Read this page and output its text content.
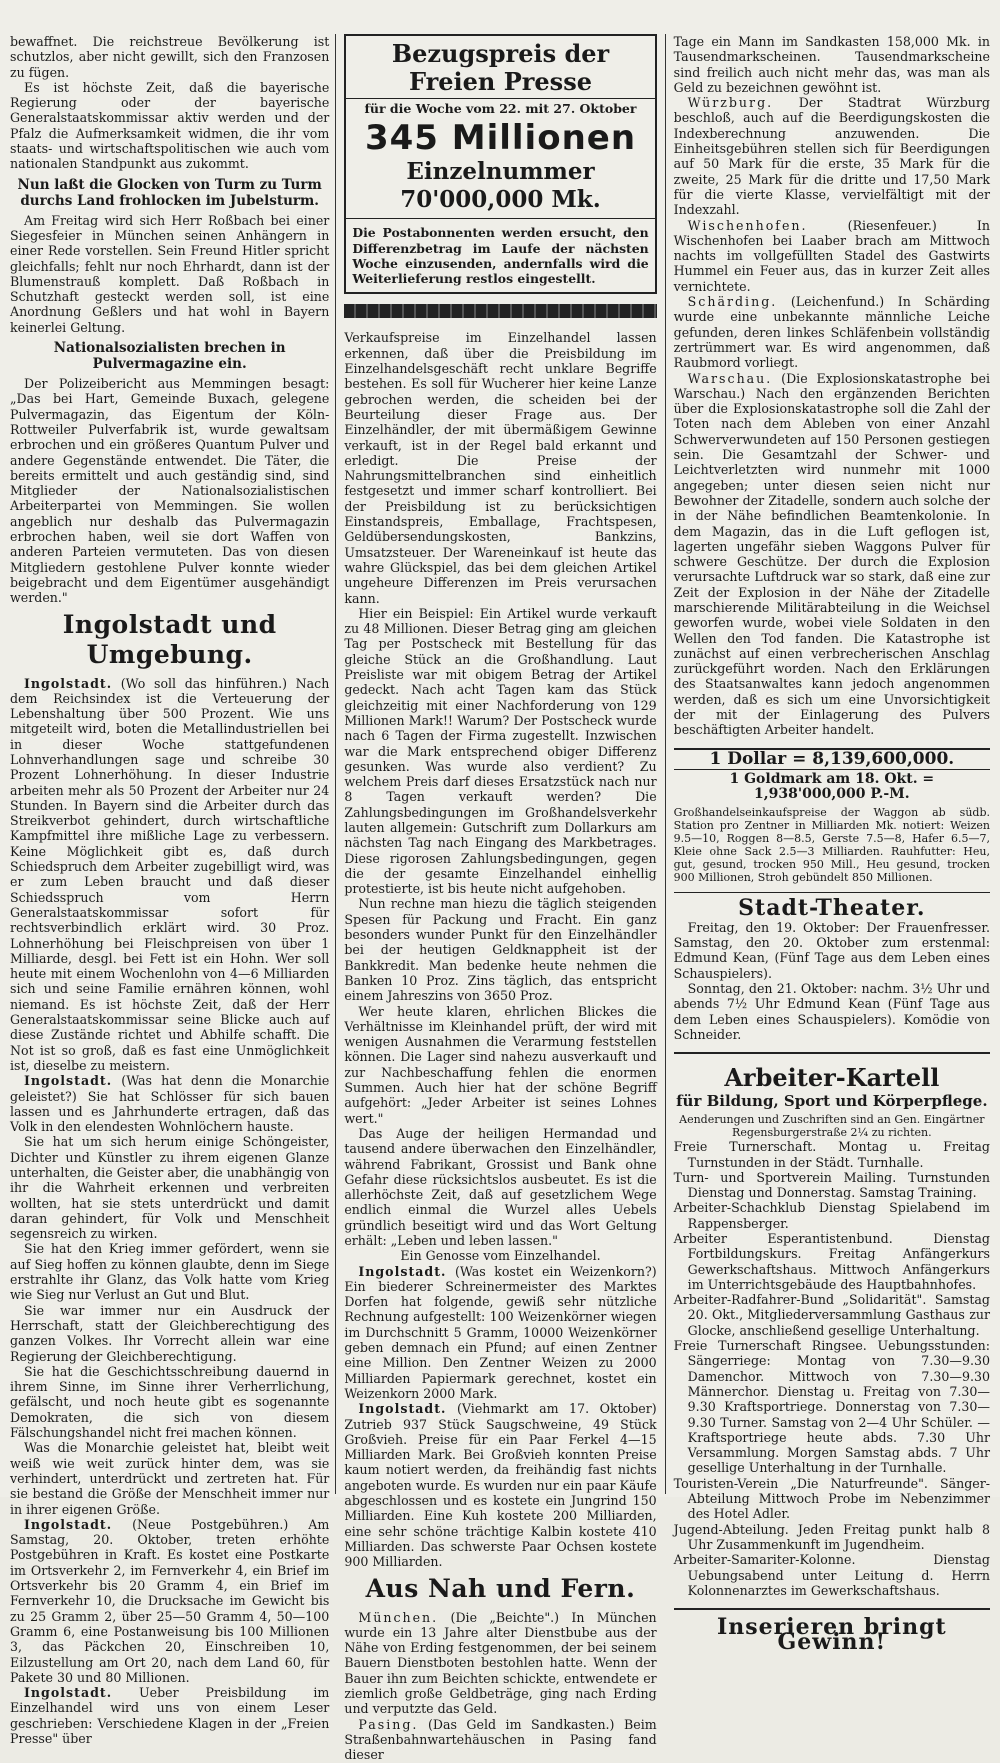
bewaffnet. Die reichstreue Bevölkerung ist schutzlos, aber nicht gewillt, sich den Franzosen zu fügen.

Es ist höchste Zeit, daß die bayerische Regierung oder der bayerische Generalstaatskommissar aktiv werden und der Pfalz die Aufmerksamkeit widmen, die ihr vom staats- und wirtschaftspolitischen wie auch vom nationalen Standpunkt aus zukommt.

Nun laßt die Glocken von Turm zu Turm durchs Land frohlocken im Jubelsturm.

Am Freitag wird sich Herr Roßbach bei einer Siegesfeier in München seinen Anhängern in einer Rede vorstellen. Sein Freund Hitler spricht gleichfalls; fehlt nur noch Ehrhardt, dann ist der Blumenstrauß komplett. Daß Roßbach in Schutzhaft gesteckt werden soll, ist eine Anordnung Geßlers und hat wohl in Bayern keinerlei Geltung.

Nationalsozialisten brechen in Pulvermagazine ein.

Der Polizeibericht aus Memmingen besagt: „Das bei Hart, Gemeinde Buxach, gelegene Pulvermagazin, das Eigentum der Köln-Rottweiler Pulverfabrik ist, wurde gewaltsam erbrochen und ein größeres Quantum Pulver und andere Gegenstände entwendet. Die Täter, die bereits ermittelt und auch geständig sind, sind Mitglieder der Nationalsozialistischen Arbeiterpartei von Memmingen. Sie wollen angeblich nur deshalb das Pulvermagazin erbrochen haben, weil sie dort Waffen von anderen Parteien vermuteten. Das von diesen Mitgliedern gestohlene Pulver konnte wieder beigebracht und dem Eigentümer ausgehändigt werden."

Ingolstadt und Umgebung.

Ingolstadt. (Wo soll das hinführen.) Nach dem Reichsindex ist die Verteuerung der Lebenshaltung über 500 Prozent. Wie uns mitgeteilt wird, boten die Metallindustriellen bei in dieser Woche stattgefundenen Lohnverhandlungen sage und schreibe 30 Prozent Lohnerhöhung. In dieser Industrie arbeiten mehr als 50 Prozent der Arbeiter nur 24 Stunden. In Bayern sind die Arbeiter durch das Streikverbot gehindert, durch wirtschaftliche Kampfmittel ihre mißliche Lage zu verbessern. Keine Möglichkeit gibt es, daß durch Schiedspruch dem Arbeiter zugebilligt wird, was er zum Leben braucht und daß dieser Schiedsspruch vom Herrn Generalstaatskommissar sofort für rechtsverbindlich erklärt wird. 30 Proz. Lohnerhöhung bei Fleischpreisen von über 1 Milliarde, desgl. bei Fett ist ein Hohn. Wer soll heute mit einem Wochenlohn von 4—6 Milliarden sich und seine Familie ernähren können, wohl niemand. Es ist höchste Zeit, daß der Herr Generalstaatskommissar seine Blicke auch auf diese Zustände richtet und Abhilfe schafft. Die Not ist so groß, daß es fast eine Unmöglichkeit ist, dieselbe zu meistern.

Ingolstadt. (Was hat denn die Monarchie geleistet?) Sie hat Schlösser für sich bauen lassen und es Jahrhunderte ertragen, daß das Volk in den elendesten Wohnlöchern hauste.

Sie hat um sich herum einige Schöngeister, Dichter und Künstler zu ihrem eigenen Glanze unterhalten, die Geister aber, die unabhängig von ihr die Wahrheit erkennen und verbreiten wollten, hat sie stets unterdrückt und damit daran gehindert, für Volk und Menschheit segensreich zu wirken.

Sie hat den Krieg immer gefördert, wenn sie auf Sieg hoffen zu können glaubte, denn im Siege erstrahlte ihr Glanz, das Volk hatte vom Krieg wie Sieg nur Verlust an Gut und Blut.

Sie war immer nur ein Ausdruck der Herrschaft, statt der Gleichberechtigung des ganzen Volkes. Ihr Vorrecht allein war eine Regierung der Gleichberechtigung.

Sie hat die Geschichtsschreibung dauernd in ihrem Sinne, im Sinne ihrer Verherrlichung, gefälscht, und noch heute gibt es sogenannte Demokraten, die sich von diesem Fälschungshandel nicht frei machen können.

Was die Monarchie geleistet hat, bleibt weit weiß wie weit zurück hinter dem, was sie verhindert, unterdrückt und zertreten hat. Für sie bestand die Größe der Menschheit immer nur in ihrer eigenen Größe.

Ingolstadt. (Neue Postgebühren.) Am Samstag, 20. Oktober, treten erhöhte Postgebühren in Kraft. Es kostet eine Postkarte im Ortsverkehr 2, im Fernverkehr 4, ein Brief im Ortsverkehr bis 20 Gramm 4, ein Brief im Fernverkehr 10, die Drucksache im Gewicht bis zu 25 Gramm 2, über 25—50 Gramm 4, 50—100 Gramm 6, eine Postanweisung bis 100 Millionen 3, das Päckchen 20, Einschreiben 10, Eilzustellung am Ort 20, nach dem Land 60, für Pakete 30 und 80 Millionen.

Ingolstadt. Ueber Preisbildung im Einzelhandel wird uns von einem Leser geschrieben: Verschiedene Klagen in der „Freien Presse" über

Bezugspreis der Freien Presse
für die Woche vom 22. mit 27. Oktober
345 Millionen
Einzelnummer 70'000,000 Mk.
Die Postabonnenten werden ersucht, den Differenzbetrag im Laufe der nächsten Woche einzusenden, andernfalls wird die Weiterlieferung restlos eingestellt.

Verkaufspreise im Einzelhandel lassen erkennen, daß über die Preisbildung im Einzelhandelsgeschäft recht unklare Begriffe bestehen. Es soll für Wucherer hier keine Lanze gebrochen werden, die scheiden bei der Beurteilung dieser Frage aus. Der Einzelhändler, der mit übermäßigem Gewinne verkauft, ist in der Regel bald erkannt und erledigt. Die Preise der Nahrungsmittelbranchen sind einheitlich festgesetzt und immer scharf kontrolliert. Bei der Preisbildung ist zu berücksichtigen Einstandspreis, Emballage, Frachtspesen, Geldübersendungskosten, Bankzins, Umsatzsteuer. Der Wareneinkauf ist heute das wahre Glückspiel, das bei dem gleichen Artikel ungeheure Differenzen im Preis verursachen kann.

Hier ein Beispiel: Ein Artikel wurde verkauft zu 48 Millionen. Dieser Betrag ging am gleichen Tag per Postscheck mit Bestellung für das gleiche Stück an die Großhandlung. Laut Preisliste war mit obigem Betrag der Artikel gedeckt. Nach acht Tagen kam das Stück gleichzeitig mit einer Nachforderung von 129 Millionen Mark!! Warum? Der Postscheck wurde nach 6 Tagen der Firma zugestellt. Inzwischen war die Mark entsprechend obiger Differenz gesunken. Was wurde also verdient? Zu welchem Preis darf dieses Ersatzstück nach nur 8 Tagen verkauft werden? Die Zahlungsbedingungen im Großhandelsverkehr lauten allgemein: Gutschrift zum Dollarkurs am nächsten Tag nach Eingang des Markbetrages. Diese rigorosen Zahlungsbedingungen, gegen die der gesamte Einzelhandel einhellig protestierte, ist bis heute nicht aufgehoben.

Nun rechne man hiezu die täglich steigenden Spesen für Packung und Fracht. Ein ganz besonders wunder Punkt für den Einzelhändler bei der heutigen Geldknappheit ist der Bankkredit. Man bedenke heute nehmen die Banken 10 Proz. Zins täglich, das entspricht einem Jahreszins von 3650 Proz.

Wer heute klaren, ehrlichen Blickes die Verhältnisse im Kleinhandel prüft, der wird mit wenigen Ausnahmen die Verarmung feststellen können. Die Lager sind nahezu ausverkauft und zur Nachbeschaffung fehlen die enormen Summen. Auch hier hat der schöne Begriff aufgehört: „Jeder Arbeiter ist seines Lohnes wert."

Das Auge der heiligen Hermandad und tausend andere überwachen den Einzelhändler, während Fabrikant, Grossist und Bank ohne Gefahr diese rücksichtslos ausbeutet. Es ist die allerhöchste Zeit, daß auf gesetzlichem Wege endlich einmal die Wurzel alles Uebels gründlich beseitigt wird und das Wort Geltung erhält: „Leben und leben lassen."

Ein Genosse vom Einzelhandel.

Ingolstadt. (Was kostet ein Weizenkorn?) Ein biederer Schreinermeister des Marktes Dorfen hat folgende, gewiß sehr nützliche Rechnung aufgestellt: 100 Weizenkörner wiegen im Durchschnitt 5 Gramm, 10000 Weizenkörner geben demnach ein Pfund; auf einen Zentner eine Million. Den Zentner Weizen zu 2000 Milliarden Papiermark gerechnet, kostet ein Weizenkorn 2000 Mark.

Ingolstadt. (Viehmarkt am 17. Oktober) Zutrieb 937 Stück Saugschweine, 49 Stück Großvieh. Preise für ein Paar Ferkel 4—15 Milliarden Mark. Bei Großvieh konnten Preise kaum notiert werden, da freihändig fast nichts angeboten wurde. Es wurden nur ein paar Käufe abgeschlossen und es kostete ein Jungrind 150 Milliarden. Eine Kuh kostete 200 Milliarden, eine sehr schöne trächtige Kalbin kostete 410 Milliarden. Das schwerste Paar Ochsen kostete 900 Milliarden.

Aus Nah und Fern.

München. (Die „Beichte".) In München wurde ein 13 Jahre alter Dienstbube aus der Nähe von Erding festgenommen, der bei seinem Bauern Dienstboten bestohlen hatte. Wenn der Bauer ihn zum Beichten schickte, entwendete er ziemlich große Geldbeträge, ging nach Erding und verputzte das Geld.

Pasing. (Das Geld im Sandkasten.) Beim Straßenbahnwartehäuschen in Pasing fand dieser

Tage ein Mann im Sandkasten 158,000 Mk. in Tausendmarkscheinen. Tausendmarkscheine sind freilich auch nicht mehr das, was man als Geld zu bezeichnen gewöhnt ist.

Würzburg. Der Stadtrat Würzburg beschloß, auch auf die Beerdigungskosten die Indexberechnung anzuwenden. Die Einheitsgebühren stellen sich für Beerdigungen auf 50 Mark für die erste, 35 Mark für die zweite, 25 Mark für die dritte und 17,50 Mark für die vierte Klasse, vervielfältigt mit der Indexzahl.

Wischenhofen.	(Riesenfeuer.) In Wischenhofen bei Laaber brach am Mittwoch nachts im vollgefüllten Stadel des Gastwirts Hummel ein Feuer aus, das in kurzer Zeit alles vernichtete.

Schärding. (Leichenfund.) In Schärding wurde eine unbekannte männliche Leiche gefunden, deren linkes Schläfenbein vollständig zertrümmert war. Es wird angenommen, daß Raubmord vorliegt.

Warschau. (Die Explosionskatastrophe bei Warschau.) Nach den ergänzenden Berichten über die Explosionskatastrophe soll die Zahl der Toten nach dem Ableben von einer Anzahl Schwerverwundeten auf 150 Personen gestiegen sein. Die Gesamtzahl der Schwer- und Leichtverletzten wird nunmehr mit 1000 angegeben; unter diesen seien nicht nur Bewohner der Zitadelle, sondern auch solche der in der Nähe befindlichen Beamtenkolonie. In dem Magazin, das in die Luft geflogen ist, lagerten ungefähr sieben Waggons Pulver für schwere Geschütze. Der durch die Explosion verursachte Luftdruck war so stark, daß eine zur Zeit der Explosion in der Nähe der Zitadelle marschierende Militärabteilung in die Weichsel geworfen wurde, wobei viele Soldaten in den Wellen den Tod fanden. Die Katastrophe ist zunächst auf einen verbrecherischen Anschlag zurückgeführt worden. Nach den Erklärungen des Staatsanwaltes kann jedoch angenommen werden, daß es sich um eine Unvorsichtigkeit der mit der Einlagerung des Pulvers beschäftigten Arbeiter handelt.

1 Dollar = 8,139,600,000.
1 Goldmark am 18. Okt. = 1,938'000,000 P.-M.

Großhandelseinkaufspreise der Waggon ab südb. Station pro Zentner in Milliarden Mk. notiert: Weizen 9.5—10, Roggen 8—8.5, Gerste 7.5—8, Hafer 6.5—7, Kleie ohne Sack 2.5—3 Milliarden. Rauhfutter: Heu, gut, gesund, trocken 950 Mill., Heu gesund, trocken 900 Millionen, Stroh gebündelt 850 Millionen.

Stadt-Theater.

Freitag, den 19. Oktober: Der Frauenfresser. Samstag, den 20. Oktober zum erstenmal: Edmund Kean, (Fünf Tage aus dem Leben eines Schauspielers).

Sonntag, den 21. Oktober: nachm. 3½ Uhr und abends 7½ Uhr Edmund Kean (Fünf Tage aus dem Leben eines Schauspielers). Komödie von Schneider.

Arbeiter-Kartell
für Bildung, Sport und Körperpflege.

Aenderungen und Zuschriften sind an Gen. Eingärtner Regensburgerstraße 2¼ zu richten.

Freie Turnerschaft. Montag u. Freitag Turnstunden in der Städt. Turnhalle.

Turn- und Sportverein Mailing. Turnstunden Dienstag und Donnerstag. Samstag Training.

Arbeiter-Schachklub Dienstag Spielabend im Rappensberger.

Arbeiter Esperantistenbund. Dienstag Fortbildungskurs. Freitag Anfängerkurs Gewerkschaftshaus. Mittwoch Anfängerkurs im Unterrichtsgebäude des Hauptbahnhofes.

Arbeiter-Radfahrer-Bund „Solidarität". Samstag 20. Okt., Mitgliederversammlung Gasthaus zur Glocke, anschließend gesellige Unterhaltung.

Freie Turnerschaft Ringsee. Uebungsstunden: Sängerriege: Montag von 7.30—9.30 Damenchor. Mittwoch von 7.30—9.30 Männerchor. Dienstag u. Freitag von 7.30—9.30 Kraftsportriege. Donnerstag von 7.30—9.30 Turner. Samstag von 2—4 Uhr Schüler. — Kraftsportriege heute abds. 7.30 Uhr Versammlung. Morgen Samstag abds. 7 Uhr gesellige Unterhaltung in der Turnhalle.

Touristen-Verein „Die Naturfreunde". Sänger-Abteilung Mittwoch Probe im Nebenzimmer des Hotel Adler.

Jugend-Abteilung. Jeden Freitag punkt halb 8 Uhr Zusammenkunft im Jugendheim.

Arbeiter-Samariter-Kolonne. Dienstag Uebungsabend unter Leitung d. Herrn Kolonnenarztes im Gewerkschaftshaus.

Inserieren bringt Gewinn!
